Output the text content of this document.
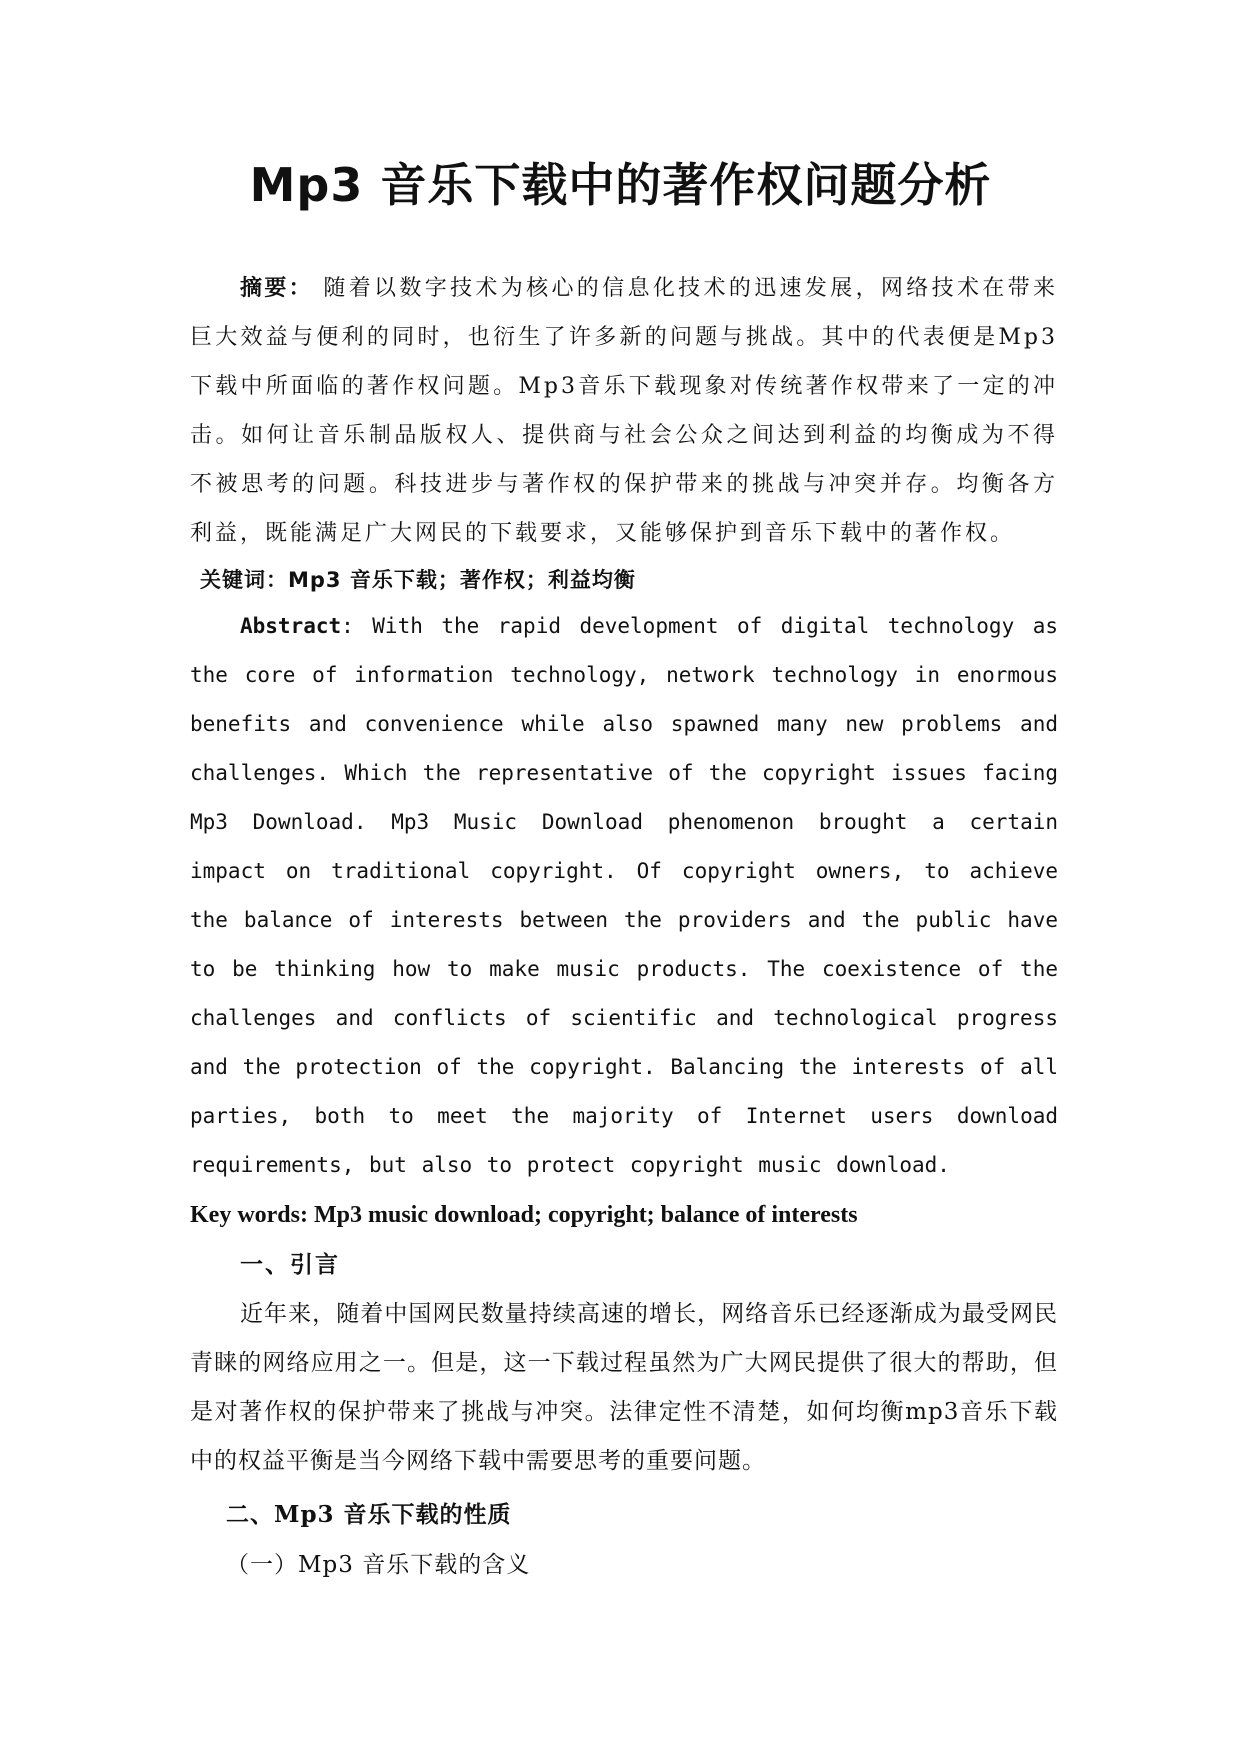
Mp3 音乐下载中的著作权问题分析

摘要： 随着以数字技术为核心的信息化技术的迅速发展，网络技术在带来巨大效益与便利的同时，也衍生了许多新的问题与挑战。其中的代表便是Mp3下载中所面临的著作权问题。Mp3音乐下载现象对传统著作权带来了一定的冲击。如何让音乐制品版权人、提供商与社会公众之间达到利益的均衡成为不得不被思考的问题。科技进步与著作权的保护带来的挑战与冲突并存。均衡各方利益，既能满足广大网民的下载要求，又能够保护到音乐下载中的著作权。

关键词：Mp3 音乐下载；著作权；利益均衡

Abstract: With the rapid development of digital technology as the core of information technology, network technology in enormous benefits and convenience while also spawned many new problems and challenges. Which the representative of the copyright issues facing Mp3 Download. Mp3 Music Download phenomenon brought a certain impact on traditional copyright. Of copyright owners, to achieve the balance of interests between the providers and the public have to be thinking how to make music products. The coexistence of the challenges and conflicts of scientific and technological progress and the protection of the copyright. Balancing the interests of all parties, both to meet the majority of Internet users download requirements, but also to protect copyright music download.

Key words: Mp3 music download; copyright; balance of interests

一、引言

近年来，随着中国网民数量持续高速的增长，网络音乐已经逐渐成为最受网民青睐的网络应用之一。但是，这一下载过程虽然为广大网民提供了很大的帮助，但是对著作权的保护带来了挑战与冲突。法律定性不清楚，如何均衡mp3音乐下载中的权益平衡是当今网络下载中需要思考的重要问题。

二、Mp3 音乐下载的性质

（一）Mp3 音乐下载的含义
